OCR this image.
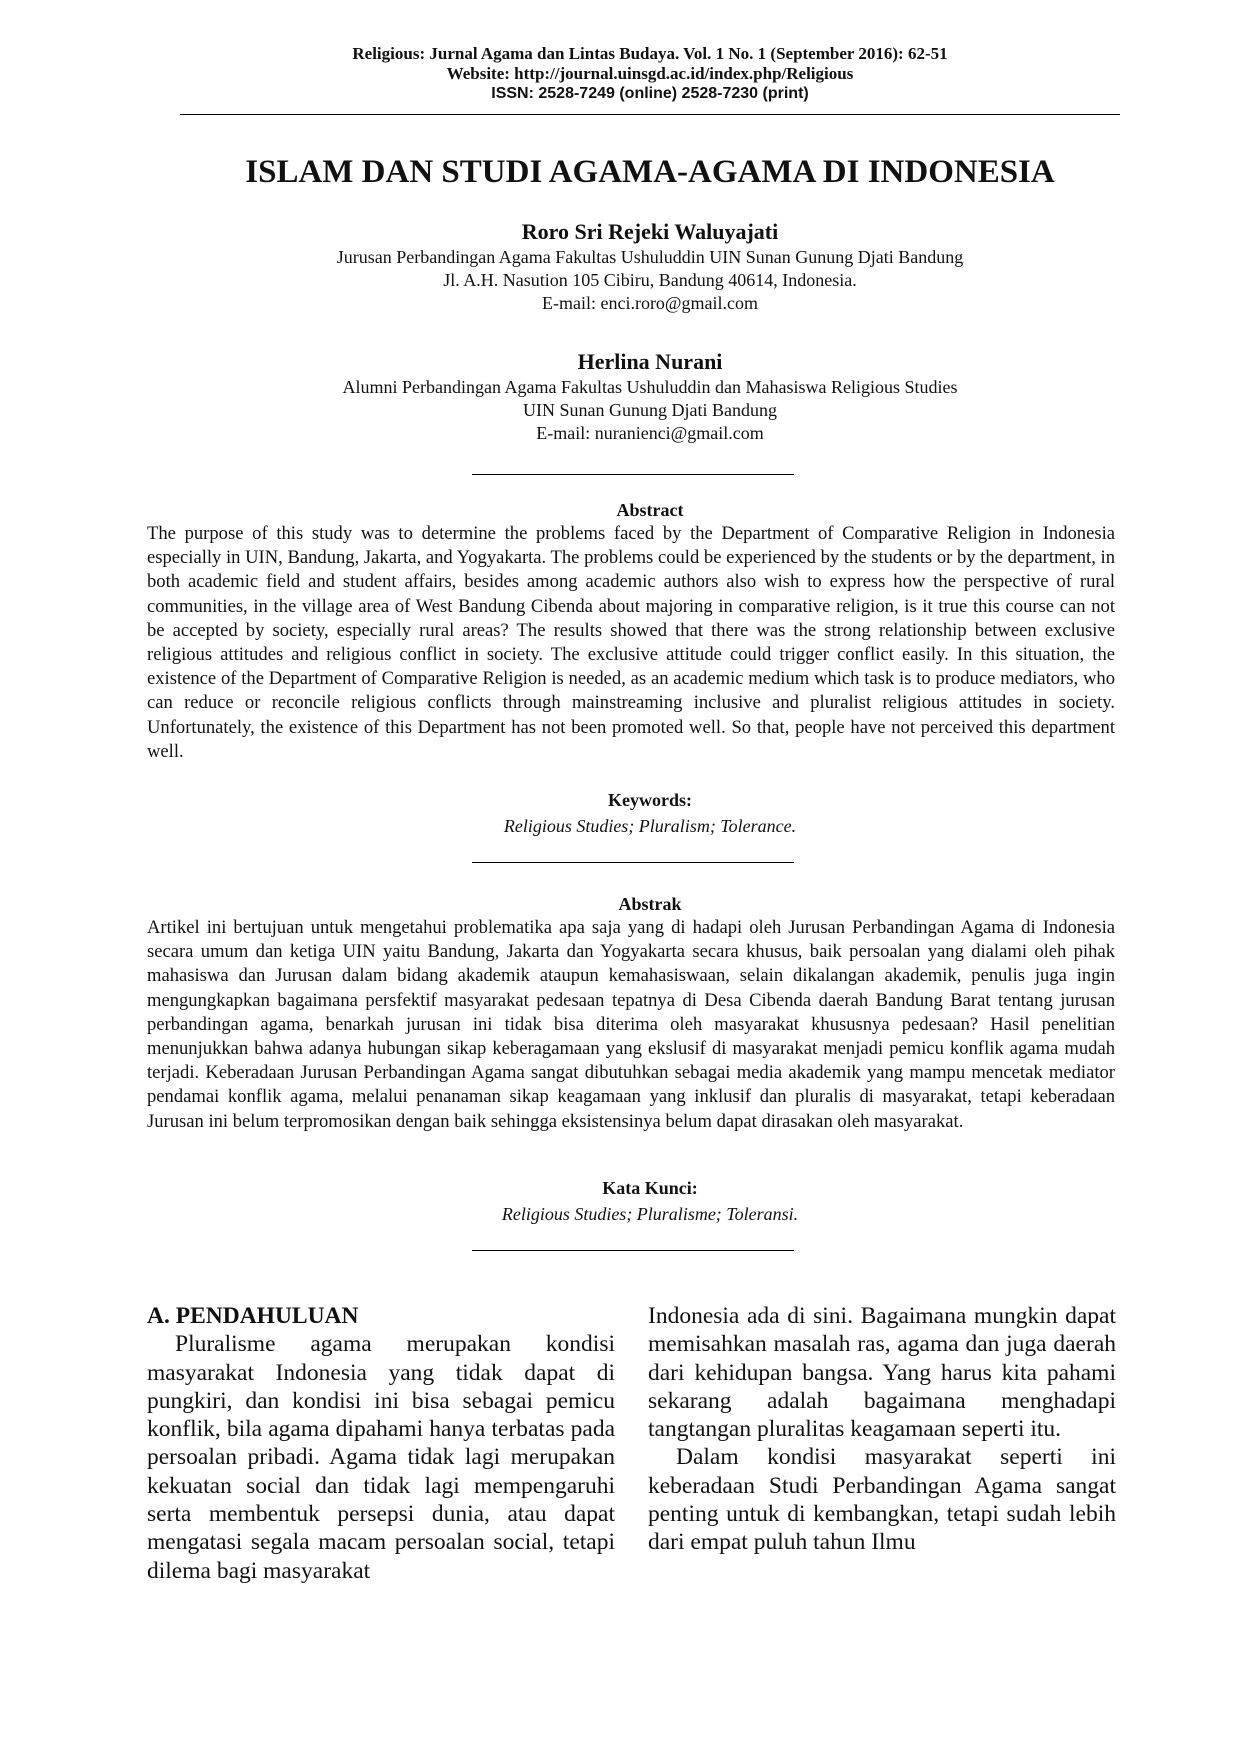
Religious: Jurnal Agama dan Lintas Budaya. Vol. 1 No. 1 (September 2016): 62-51
Website: http://journal.uinsgd.ac.id/index.php/Religious
ISSN: 2528-7249 (online) 2528-7230 (print)
ISLAM DAN STUDI AGAMA-AGAMA DI INDONESIA
Roro Sri Rejeki Waluyajati
Jurusan Perbandingan Agama Fakultas Ushuluddin UIN Sunan Gunung Djati Bandung
Jl. A.H. Nasution 105 Cibiru, Bandung 40614, Indonesia.
E-mail: enci.roro@gmail.com
Herlina Nurani
Alumni Perbandingan Agama Fakultas Ushuluddin dan Mahasiswa Religious Studies
UIN Sunan Gunung Djati Bandung
E-mail: nuranienci@gmail.com
Abstract

The purpose of this study was to determine the problems faced by the Department of Comparative Religion in Indonesia especially in UIN, Bandung, Jakarta, and Yogyakarta. The problems could be experienced by the students or by the department, in both academic field and student affairs, besides among academic authors also wish to express how the perspective of rural communities, in the village area of West Bandung Cibenda about majoring in comparative religion, is it true this course can not be accepted by society, especially rural areas? The results showed that there was the strong relationship between exclusive religious attitudes and religious conflict in society. The exclusive attitude could trigger conflict easily. In this situation, the existence of the Department of Comparative Religion is needed, as an academic medium which task is to produce mediators, who can reduce or reconcile religious conflicts through mainstreaming inclusive and pluralist religious attitudes in society. Unfortunately, the existence of this Department has not been promoted well. So that, people have not perceived this department well.

Keywords:
Religious Studies; Pluralism; Tolerance.
Abstrak

Artikel ini bertujuan untuk mengetahui problematika apa saja yang di hadapi oleh Jurusan Perbandingan Agama di Indonesia secara umum dan ketiga UIN yaitu Bandung, Jakarta dan Yogyakarta secara khusus, baik persoalan yang dialami oleh pihak mahasiswa dan Jurusan dalam bidang akademik ataupun kemahasiswaan, selain dikalangan akademik, penulis juga ingin mengungkapkan bagaimana persfektif masyarakat pedesaan tepatnya di Desa Cibenda daerah Bandung Barat tentang jurusan perbandingan agama, benarkah jurusan ini tidak bisa diterima oleh masyarakat khususnya pedesaan? Hasil penelitian menunjukkan bahwa adanya hubungan sikap keberagamaan yang ekslusif di masyarakat menjadi pemicu konflik agama mudah terjadi. Keberadaan Jurusan Perbandingan Agama sangat dibutuhkan sebagai media akademik yang mampu mencetak mediator pendamai konflik agama, melalui penanaman sikap keagamaan yang inklusif dan pluralis di masyarakat, tetapi keberadaan Jurusan ini belum terpromosikan dengan baik sehingga eksistensinya belum dapat dirasakan oleh masyarakat.

Kata Kunci:
Religious Studies; Pluralisme; Toleransi.
A. PENDAHULUAN

Pluralisme agama merupakan kondisi masyarakat Indonesia yang tidak dapat di pungkiri, dan kondisi ini bisa sebagai pemicu konflik, bila agama dipahami hanya terbatas pada persoalan pribadi. Agama tidak lagi merupakan kekuatan social dan tidak lagi mempengaruhi serta membentuk persepsi dunia, atau dapat mengatasi segala macam persoalan social, tetapi dilema bagi masyarakat

Indonesia ada di sini. Bagaimana mungkin dapat memisahkan masalah ras, agama dan juga daerah dari kehidupan bangsa. Yang harus kita pahami sekarang adalah bagaimana menghadapi tangtangan pluralitas keagamaan seperti itu.

Dalam kondisi masyarakat seperti ini keberadaan Studi Perbandingan Agama sangat penting untuk di kembangkan, tetapi sudah lebih dari empat puluh tahun Ilmu
